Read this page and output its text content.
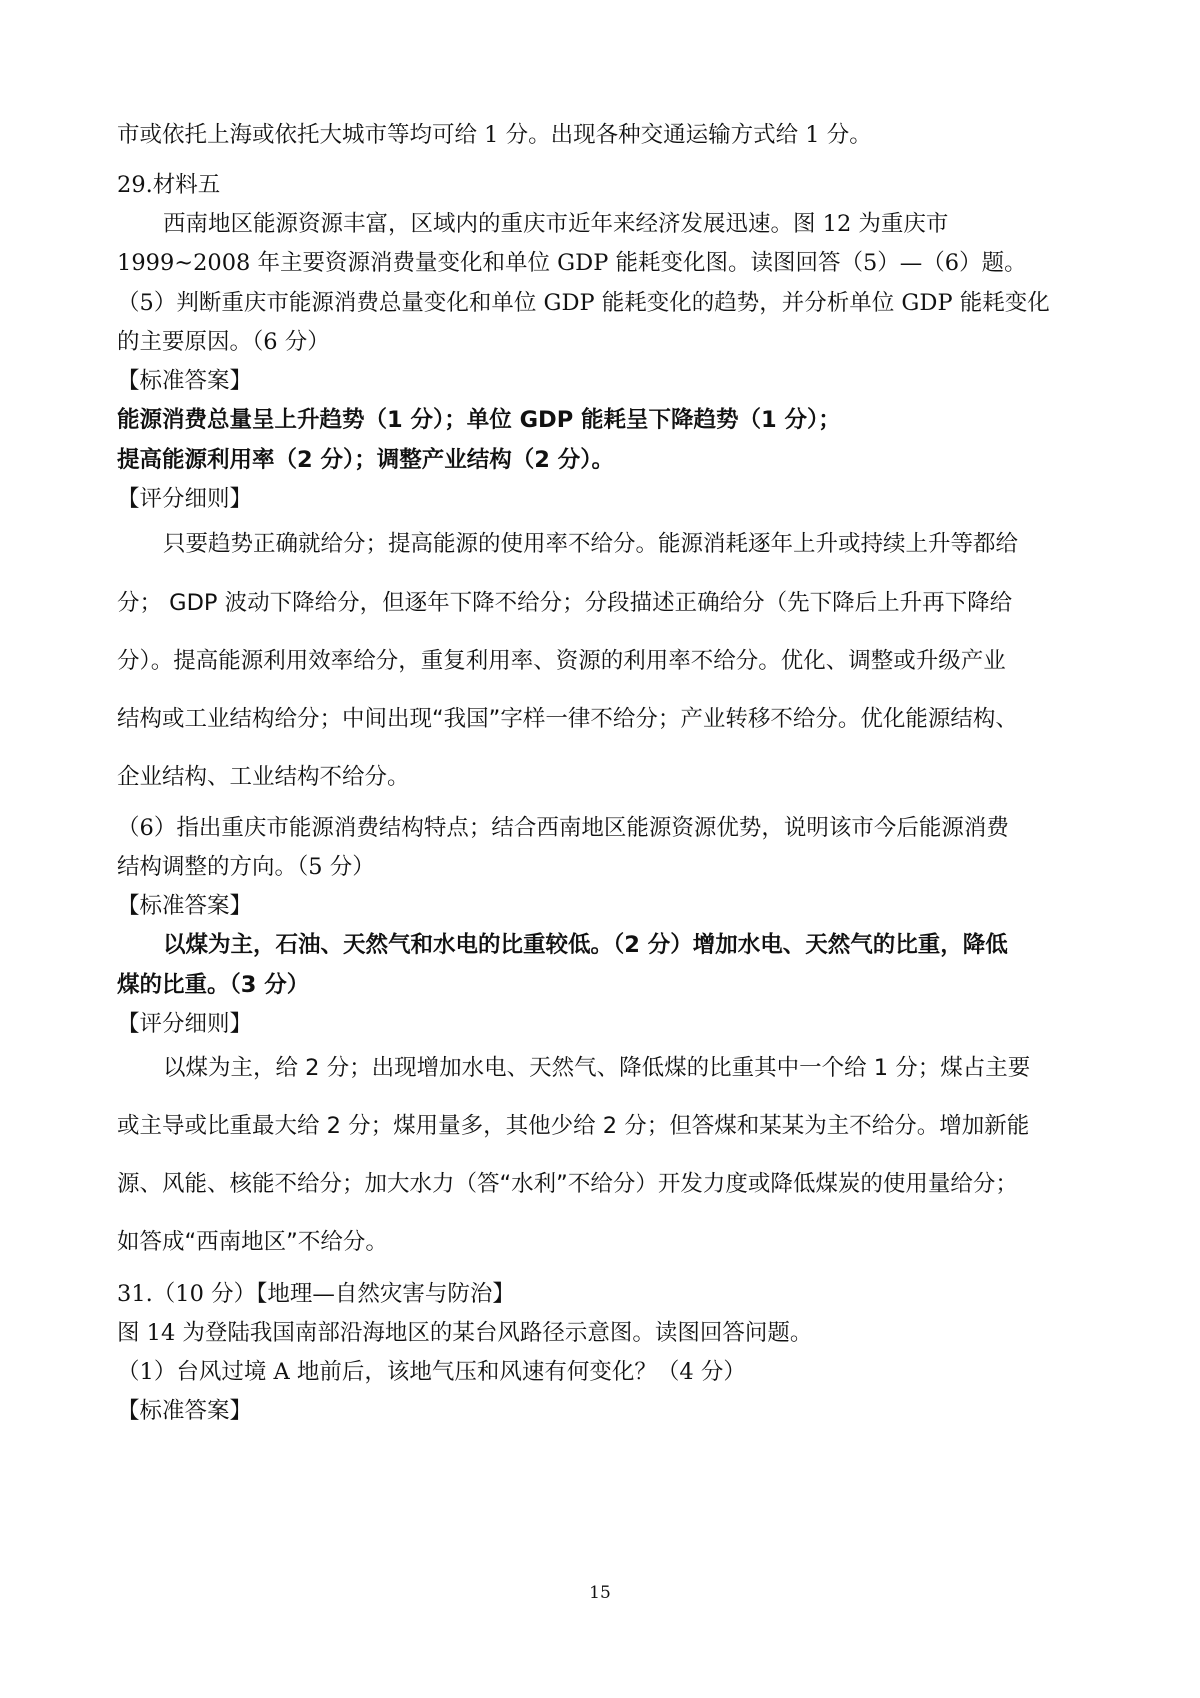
市或依托上海或依托大城市等均可给 1 分。出现各种交通运输方式给 1 分。
29.材料五
西南地区能源资源丰富，区域内的重庆市近年来经济发展迅速。图 12 为重庆市
1999~2008 年主要资源消费量变化和单位 GDP 能耗变化图。读图回答（5）—（6）题。
（5）判断重庆市能源消费总量变化和单位 GDP 能耗变化的趋势，并分析单位 GDP 能耗变化
的主要原因。（6 分）
【标准答案】
能源消费总量呈上升趋势（1 分）；单位 GDP 能耗呈下降趋势（1 分）；
提高能源利用率（2 分）；调整产业结构（2 分）。
【评分细则】
只要趋势正确就给分；提高能源的使用率不给分。能源消耗逐年上升或持续上升等都给
分； GDP 波动下降给分，但逐年下降不给分；分段描述正确给分（先下降后上升再下降给
分）。提高能源利用效率给分，重复利用率、资源的利用率不给分。优化、调整或升级产业
结构或工业结构给分；中间出现“我国”字样一律不给分；产业转移不给分。优化能源结构、
企业结构、工业结构不给分。
（6）指出重庆市能源消费结构特点；结合西南地区能源资源优势，说明该市今后能源消费
结构调整的方向。（5 分）
【标准答案】
以煤为主，石油、天然气和水电的比重较低。（2 分）增加水电、天然气的比重，降低
煤的比重。（3 分）
【评分细则】
以煤为主，给 2 分；出现增加水电、天然气、降低煤的比重其中一个给 1 分；煤占主要
或主导或比重最大给 2 分；煤用量多，其他少给 2 分；但答煤和某某为主不给分。增加新能
源、风能、核能不给分；加大水力（答“水利”不给分）开发力度或降低煤炭的使用量给分；
如答成“西南地区”不给分。
31.（10 分）【地理—自然灾害与防治】
图 14 为登陆我国南部沿海地区的某台风路径示意图。读图回答问题。
（1）台风过境 A 地前后，该地气压和风速有何变化？（4 分）
【标准答案】
15
